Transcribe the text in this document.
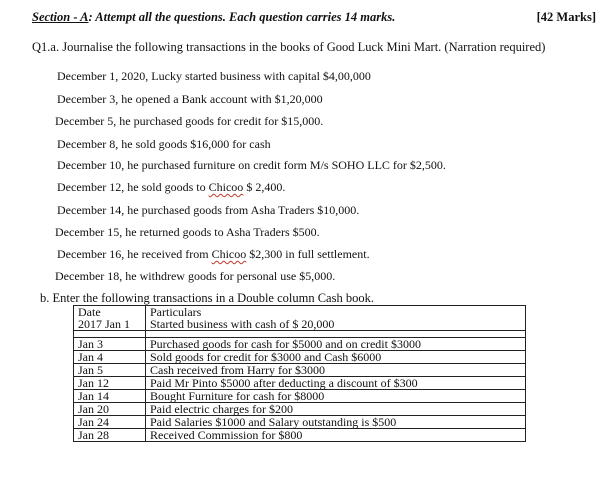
Section - A: Attempt all the questions. Each question carries 14 marks.	[42 Marks]
Q1.a. Journalise the following transactions in the books of Good Luck Mini Mart. (Narration required)
December 1, 2020, Lucky started business with capital $4,00,000
December 3, he opened a Bank account with $1,20,000
December 5, he purchased goods for credit for $15,000.
December 8, he sold goods $16,000 for cash
December 10, he purchased furniture on credit form M/s SOHO LLC for $2,500.
December 12, he sold goods to Chicoo $ 2,400.
December 14, he purchased goods from Asha Traders $10,000.
December 15, he returned goods to Asha Traders $500.
December 16, he received from Chicoo $2,300 in full settlement.
December 18, he withdrew goods for personal use $5,000.
b. Enter the following transactions in a Double column Cash book.
Date	Particulars
2017 Jan 1	Started business with cash of $ 20,000

Jan 3	Purchased goods for cash for $5000 and on credit $3000
Jan 4	Sold goods for credit for $3000 and Cash $6000
Jan 5	Cash received from Harry for $3000
Jan 12	Paid Mr Pinto $5000 after deducting a discount of $300
Jan 14	Bought Furniture for cash for $8000
Jan 20	Paid electric charges for $200
Jan 24	Paid Salaries $1000 and Salary outstanding is $500
Jan 28	Received Commission for $800
